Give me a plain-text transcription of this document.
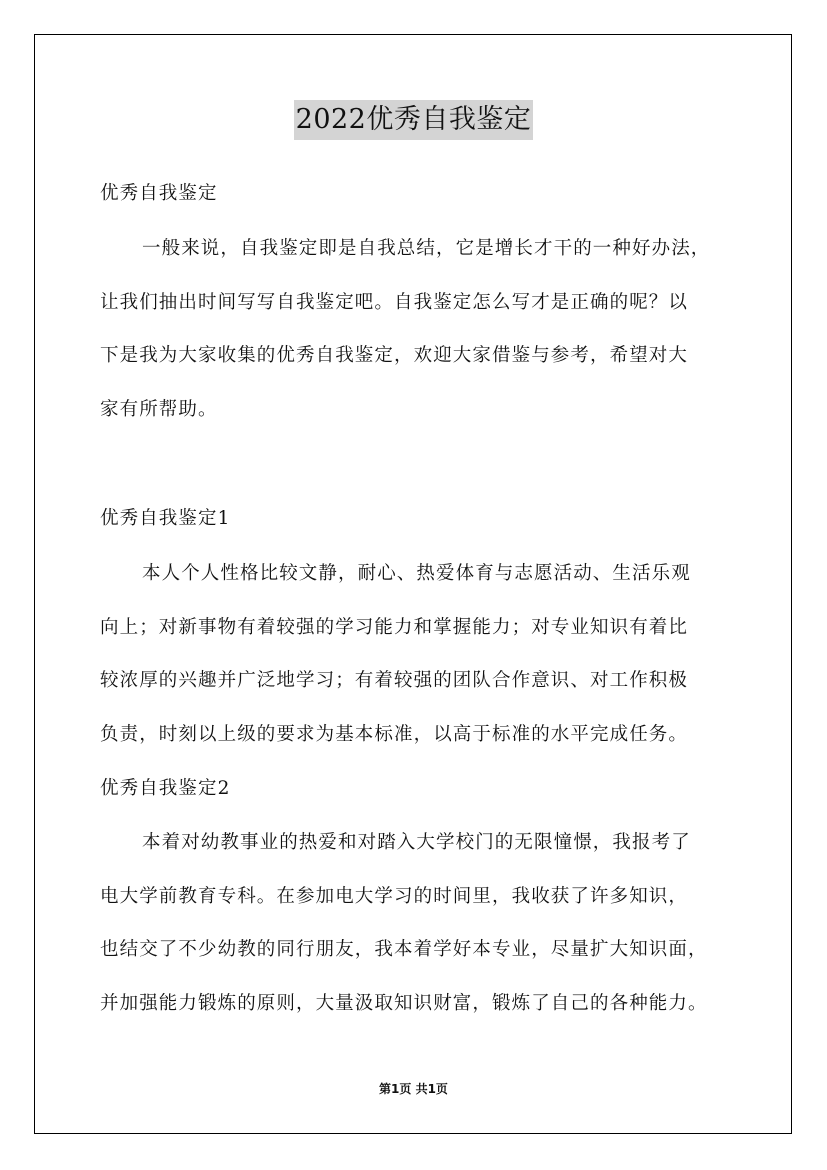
2022优秀自我鉴定
优秀自我鉴定
一般来说，自我鉴定即是自我总结，它是增长才干的一种好办法，
让我们抽出时间写写自我鉴定吧。自我鉴定怎么写才是正确的呢？以
下是我为大家收集的优秀自我鉴定，欢迎大家借鉴与参考，希望对大
家有所帮助。
优秀自我鉴定1
本人个人性格比较文静，耐心、热爱体育与志愿活动、生活乐观
向上；对新事物有着较强的学习能力和掌握能力；对专业知识有着比
较浓厚的兴趣并广泛地学习；有着较强的团队合作意识、对工作积极
负责，时刻以上级的要求为基本标准，以高于标准的水平完成任务。
优秀自我鉴定2
本着对幼教事业的热爱和对踏入大学校门的无限憧憬，我报考了
电大学前教育专科。在参加电大学习的时间里，我收获了许多知识，
也结交了不少幼教的同行朋友，我本着学好本专业，尽量扩大知识面，
并加强能力锻炼的原则，大量汲取知识财富，锻炼了自己的各种能力。
第1页 共1页
